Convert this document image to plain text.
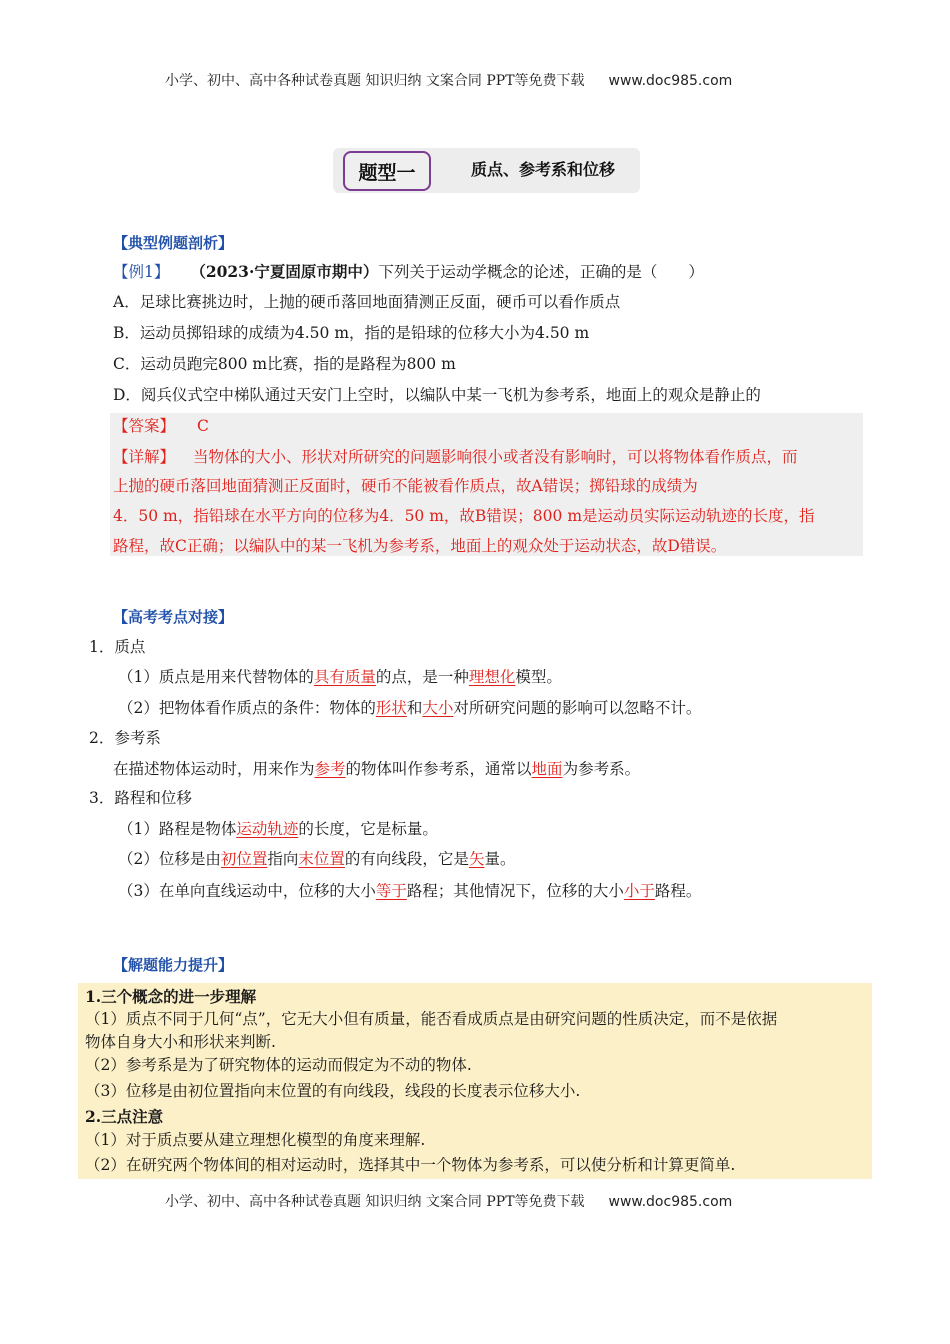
小学、初中、高中各种试卷真题 知识归纳 文案合同 PPT等免费下载 www.doc985.com
题型一	质点、参考系和位移
【典型例题剖析】
【例1】 （2023·宁夏固原市期中）下列关于运动学概念的论述，正确的是（　　）
A．足球比赛挑边时，上抛的硬币落回地面猜测正反面，硬币可以看作质点
B．运动员掷铅球的成绩为4.50 m，指的是铅球的位移大小为4.50 m
C．运动员跑完800 m比赛，指的是路程为800 m
D．阅兵仪式空中梯队通过天安门上空时，以编队中某一飞机为参考系，地面上的观众是静止的
【答案】 C
【详解】 当物体的大小、形状对所研究的问题影响很小或者没有影响时，可以将物体看作质点，而
上抛的硬币落回地面猜测正反面时，硬币不能被看作质点，故A错误；掷铅球的成绩为
4．50 m，指铅球在水平方向的位移为4．50 m，故B错误；800 m是运动员实际运动轨迹的长度，指
路程，故C正确；以编队中的某一飞机为参考系，地面上的观众处于运动状态，故D错误。
【高考考点对接】
1．质点
（1）质点是用来代替物体的具有质量的点，是一种理想化模型。
（2）把物体看作质点的条件：物体的形状和大小对所研究问题的影响可以忽略不计。
2．参考系
在描述物体运动时，用来作为参考的物体叫作参考系，通常以地面为参考系。
3．路程和位移
（1）路程是物体运动轨迹的长度，它是标量。
（2）位移是由初位置指向末位置的有向线段，它是矢量。
（3）在单向直线运动中，位移的大小等于路程；其他情况下，位移的大小小于路程。
【解题能力提升】
1.三个概念的进一步理解
（1）质点不同于几何“点”，它无大小但有质量，能否看成质点是由研究问题的性质决定，而不是依据
物体自身大小和形状来判断.
（2）参考系是为了研究物体的运动而假定为不动的物体.
（3）位移是由初位置指向末位置的有向线段，线段的长度表示位移大小.
2.三点注意
（1）对于质点要从建立理想化模型的角度来理解.
（2）在研究两个物体间的相对运动时，选择其中一个物体为参考系，可以使分析和计算更简单.
小学、初中、高中各种试卷真题 知识归纳 文案合同 PPT等免费下载 www.doc985.com
